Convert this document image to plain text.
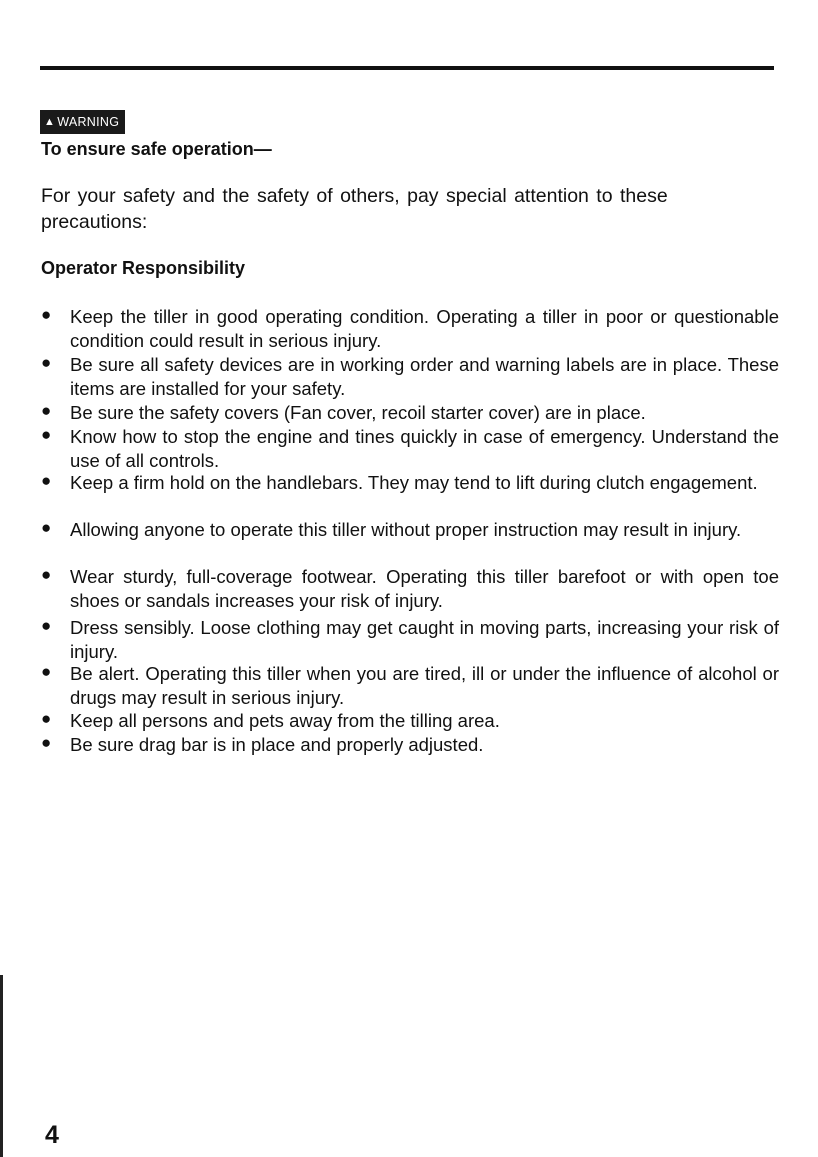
▲ WARNING
To ensure safe operation—

For your safety and the safety of others, pay special attention to these precautions:

Operator Responsibility
●	Keep the tiller in good operating condition. Operating a tiller in poor or questionable condition could result in serious injury.
●	Be sure all safety devices are in working order and warning labels are in place. These items are installed for your safety.
●	Be sure the safety covers (Fan cover, recoil starter cover) are in place.
●	Know how to stop the engine and tines quickly in case of emergency. Understand the use of all controls.
●	Keep a firm hold on the handlebars. They may tend to lift during clutch engagement.
●	Allowing anyone to operate this tiller without proper instruction may result in injury.
●	Wear sturdy, full-coverage footwear. Operating this tiller barefoot or with open toe shoes or sandals increases your risk of injury.
●	Dress sensibly. Loose clothing may get caught in moving parts, increasing your risk of injury.
●	Be alert. Operating this tiller when you are tired, ill or under the influence of alcohol or drugs may result in serious injury.
●	Keep all persons and pets away from the tilling area.
●	Be sure drag bar is in place and properly adjusted.
4
